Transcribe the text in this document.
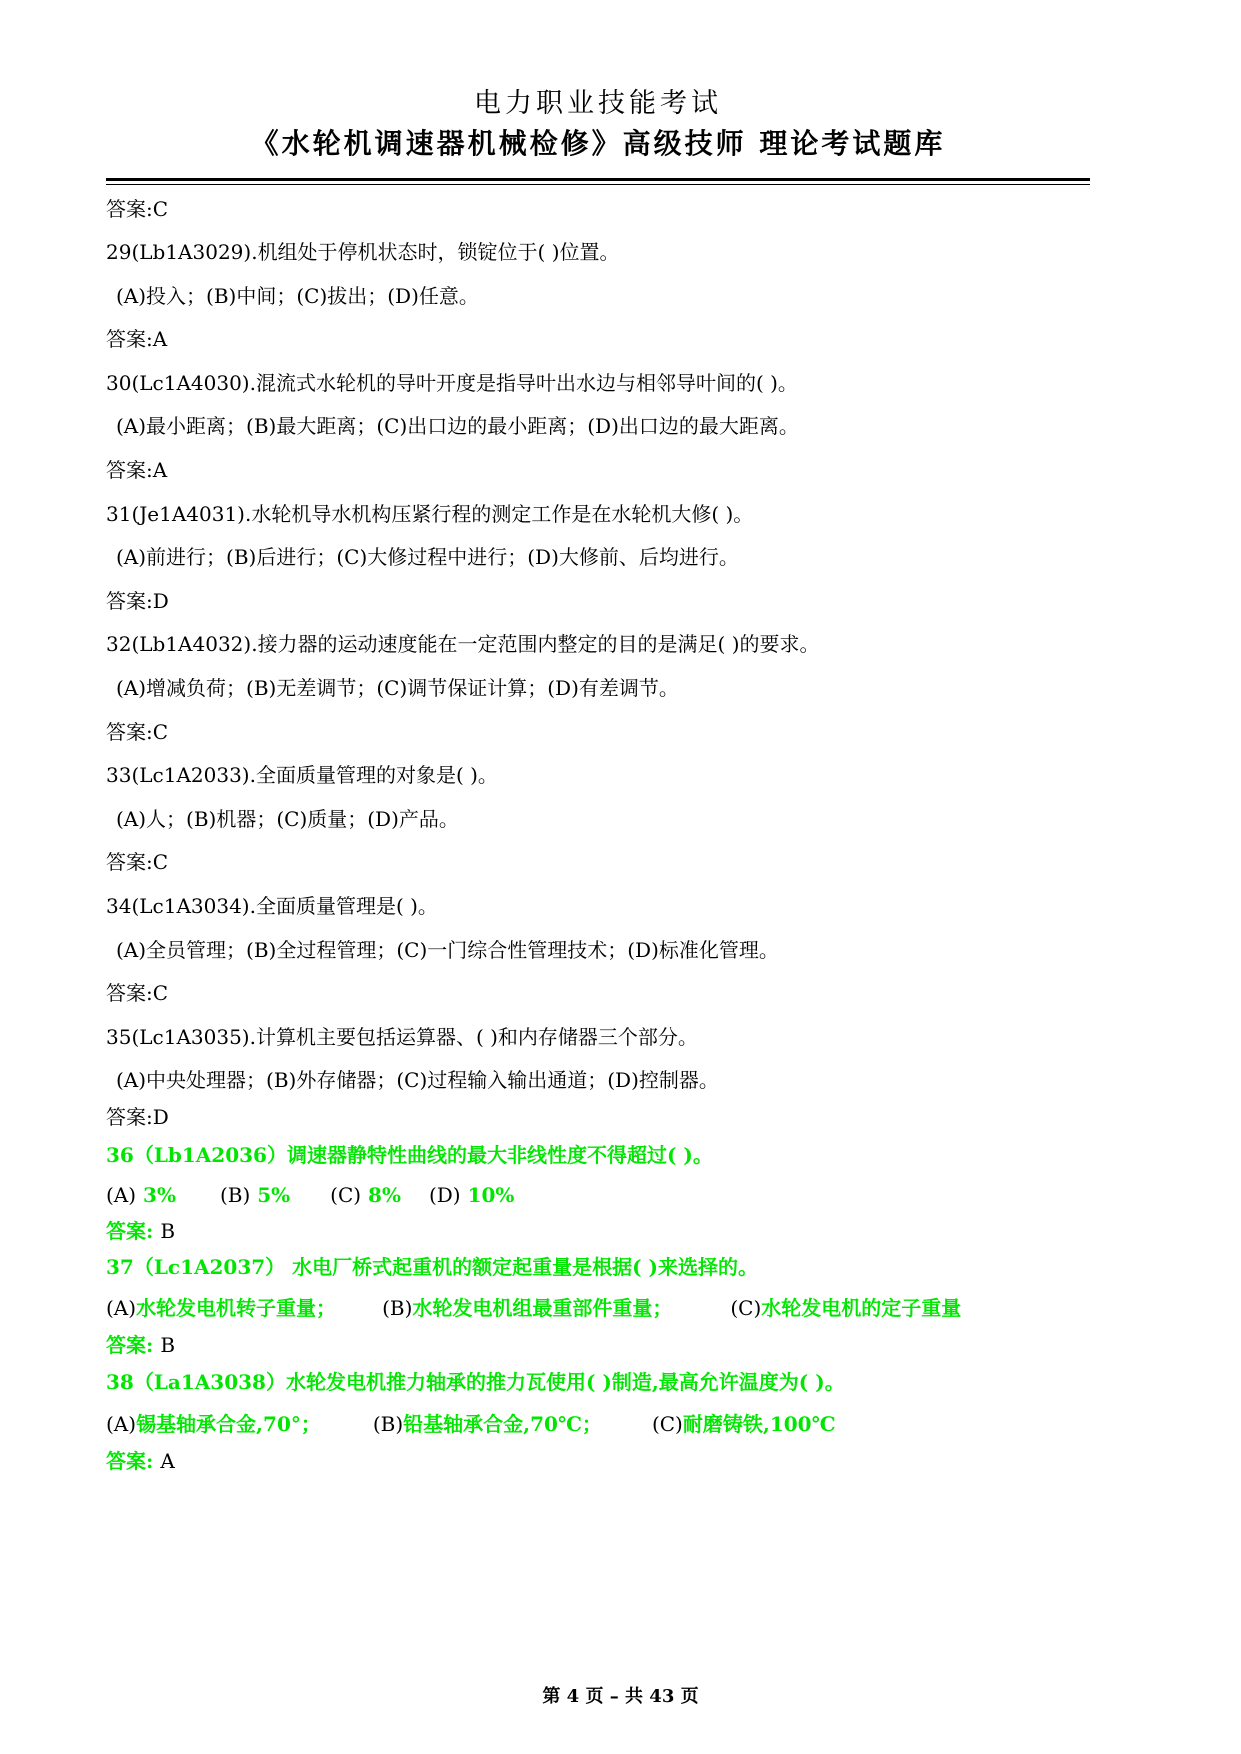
电力职业技能考试
《水轮机调速器机械检修》高级技师 理论考试题库
答案:C
29(Lb1A3029).机组处于停机状态时，锁锭位于( )位置。
(A)投入；(B)中间；(C)拔出；(D)任意。
答案:A
30(Lc1A4030).混流式水轮机的导叶开度是指导叶出水边与相邻导叶间的( )。
(A)最小距离；(B)最大距离；(C)出口边的最小距离；(D)出口边的最大距离。
答案:A
31(Je1A4031).水轮机导水机构压紧行程的测定工作是在水轮机大修( )。
(A)前进行；(B)后进行；(C)大修过程中进行；(D)大修前、后均进行。
答案:D
32(Lb1A4032).接力器的运动速度能在一定范围内整定的目的是满足( )的要求。
(A)增减负荷；(B)无差调节；(C)调节保证计算；(D)有差调节。
答案:C
33(Lc1A2033).全面质量管理的对象是( )。
(A)人；(B)机器；(C)质量；(D)产品。
答案:C
34(Lc1A3034).全面质量管理是( )。
(A)全员管理；(B)全过程管理；(C)一门综合性管理技术；(D)标准化管理。
答案:C
35(Lc1A3035).计算机主要包括运算器、( )和内存储器三个部分。
(A)中央处理器；(B)外存储器；(C)过程输入输出通道；(D)控制器。
答案:D
36（Lb1A2036）调速器静特性曲线的最大非线性度不得超过( )。
(A) 3% (B) 5% (C) 8% (D) 10%
答案: B
37（Lc1A2037） 水电厂桥式起重机的额定起重量是根据( )来选择的。
(A)水轮发电机转子重量； (B)水轮发电机组最重部件重量；	(C)水轮发电机的定子重量
答案: B
38（La1A3038）水轮发电机推力轴承的推力瓦使用( )制造,最高允许温度为( )。
(A)锡基轴承合金,70°；	(B)铅基轴承合金,70℃；	(C)耐磨铸铁,100℃
答案: A
第 4 页 – 共 43 页
